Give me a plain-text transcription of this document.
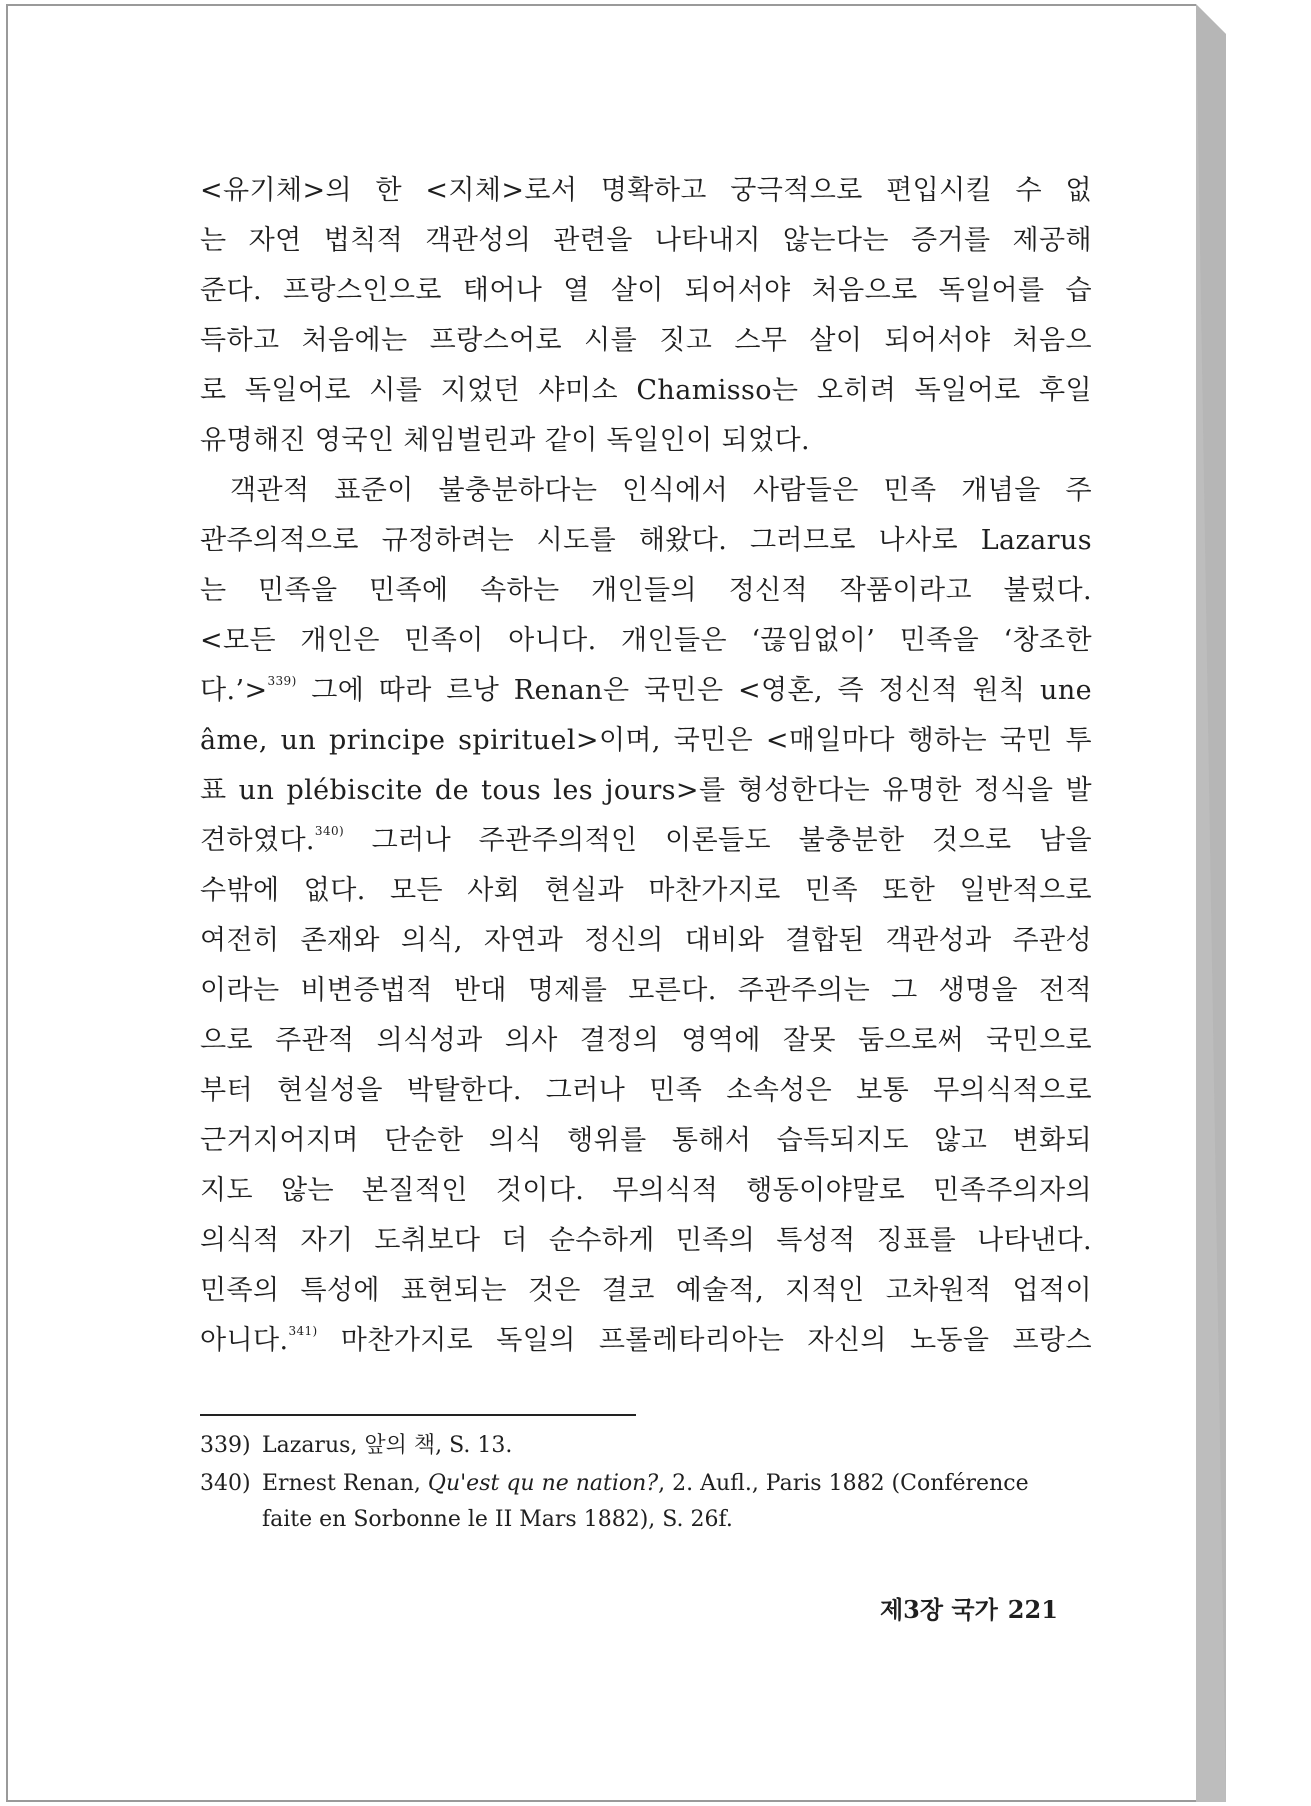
<유기체>의 한 <지체>로서 명확하고 궁극적으로 편입시킬 수 없
는 자연 법칙적 객관성의 관련을 나타내지 않는다는 증거를 제공해
준다. 프랑스인으로 태어나 열 살이 되어서야 처음으로 독일어를 습
득하고 처음에는 프랑스어로 시를 짓고 스무 살이 되어서야 처음으
로 독일어로 시를 지었던 샤미소 Chamisso는 오히려 독일어로 후일
유명해진 영국인 체임벌린과 같이 독일인이 되었다.
객관적 표준이 불충분하다는 인식에서 사람들은 민족 개념을 주
관주의적으로 규정하려는 시도를 해왔다. 그러므로 나사로 Lazarus
는 민족을 민족에 속하는 개인들의 정신적 작품이라고 불렀다.
<모든 개인은 민족이 아니다. 개인들은 ‘끊임없이’ 민족을 ‘창조한
다.’>$^{339)}$ 그에 따라 르낭 Renan은 국민은 <영혼, 즉 정신적 원칙 une
âme, un principe spirituel>이며, 국민은 <매일마다 행하는 국민 투
표 un plébiscite de tous les jours>를 형성한다는 유명한 정식을 발
견하였다.$^{340)}$ 그러나 주관주의적인 이론들도 불충분한 것으로 남을
수밖에 없다. 모든 사회 현실과 마찬가지로 민족 또한 일반적으로
여전히 존재와 의식, 자연과 정신의 대비와 결합된 객관성과 주관성
이라는 비변증법적 반대 명제를 모른다. 주관주의는 그 생명을 전적
으로 주관적 의식성과 의사 결정의 영역에 잘못 둠으로써 국민으로
부터 현실성을 박탈한다. 그러나 민족 소속성은 보통 무의식적으로
근거지어지며 단순한 의식 행위를 통해서 습득되지도 않고 변화되
지도 않는 본질적인 것이다. 무의식적 행동이야말로 민족주의자의
의식적 자기 도취보다 더 순수하게 민족의 특성적 징표를 나타낸다.
민족의 특성에 표현되는 것은 결코 예술적, 지적인 고차원적 업적이
아니다.$^{341)}$ 마찬가지로 독일의 프롤레타리아는 자신의 노동을 프랑스
339) Lazarus, 앞의 책, S. 13.
340) Ernest Renan, Qu'est qu ne nation?, 2. Aufl., Paris 1882 (Conférence
faite en Sorbonne le II Mars 1882), S. 26f.
제3장 국가 221
